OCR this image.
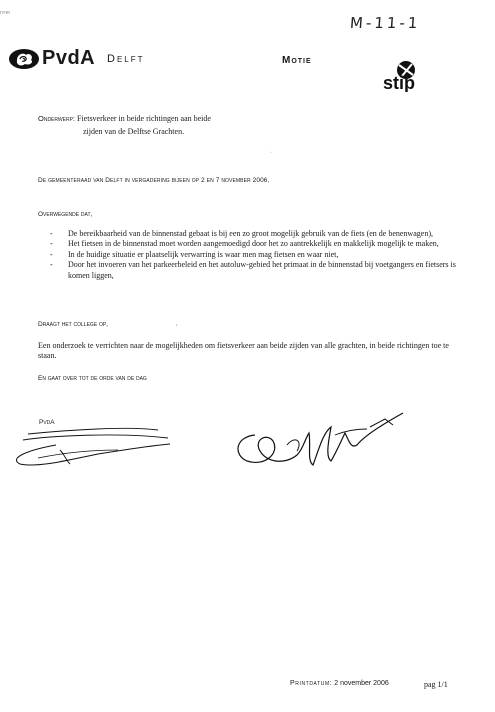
n>er
M-11-1
PvdA Delft	Motie
stip
Onderwerp: Fietsverkeer in beide richtingen aan beide
zijden van de Delftse Grachten.
·
De gemeenteraad van Delft in vergadering bijeen op 2 en 7 november 2006,
Overwegende dat,
-	De bereikbaarheid van de binnenstad gebaat is bij een zo groot mogelijk gebruik van de fiets (en de benenwagen),
-	Het fietsen in de binnenstad moet worden aangemoedigd door het zo aantrekkelijk en makkelijk mogelijk te maken,
-	In de huidige situatie er plaatselijk verwarring is waar men mag fietsen en waar niet,
-	Door het invoeren van het parkeerbeleid en het autoluw-gebied het primaat in de binnenstad bij voetgangers en fietsers is komen liggen,
Draagt het college op,	,
Een onderzoek te verrichten naar de mogelijkheden om fietsverkeer aan beide zijden van alle grachten, in beide richtingen toe te staan.
En gaat over tot de orde van de dag
PvdA
Printdatum: 2 november 2006	pag 1/1
